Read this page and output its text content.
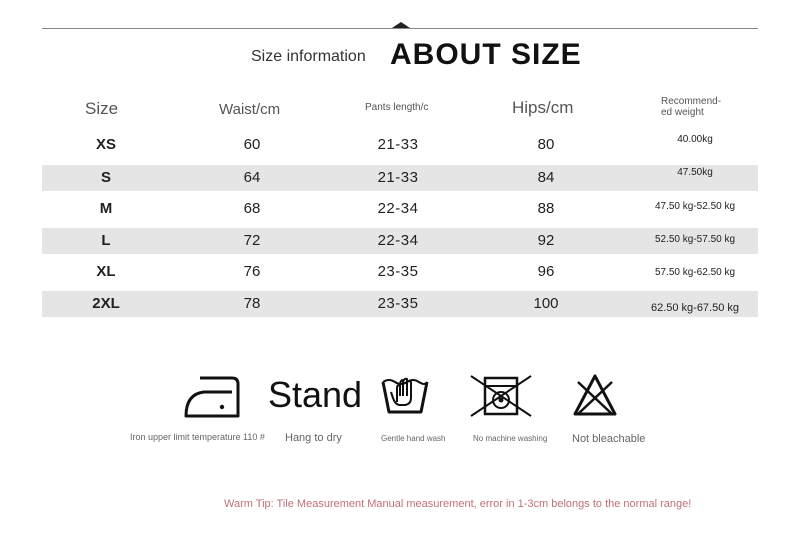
Size information ABOUT SIZE
Size	Waist/cm	Pants length/c	Hips/cm	Recommend-
ed weight
XS	60	21-33	80	40.00kg
S	64	21-33	84	47.50kg
M	68	22-34	88	47.50 kg-52.50 kg
L	72	22-34	92	52.50 kg-57.50 kg
XL	76	23-35	96	57.50 kg-62.50 kg
2XL	78	23-35	100	62.50 kg-67.50 kg
Stand
Iron upper limit temperature 110 # Hang to dry	Gentle hand wash	No machine washing Not bleachable
Warm Tip: Tile Measurement Manual measurement, error in 1-3cm belongs to the normal range!
